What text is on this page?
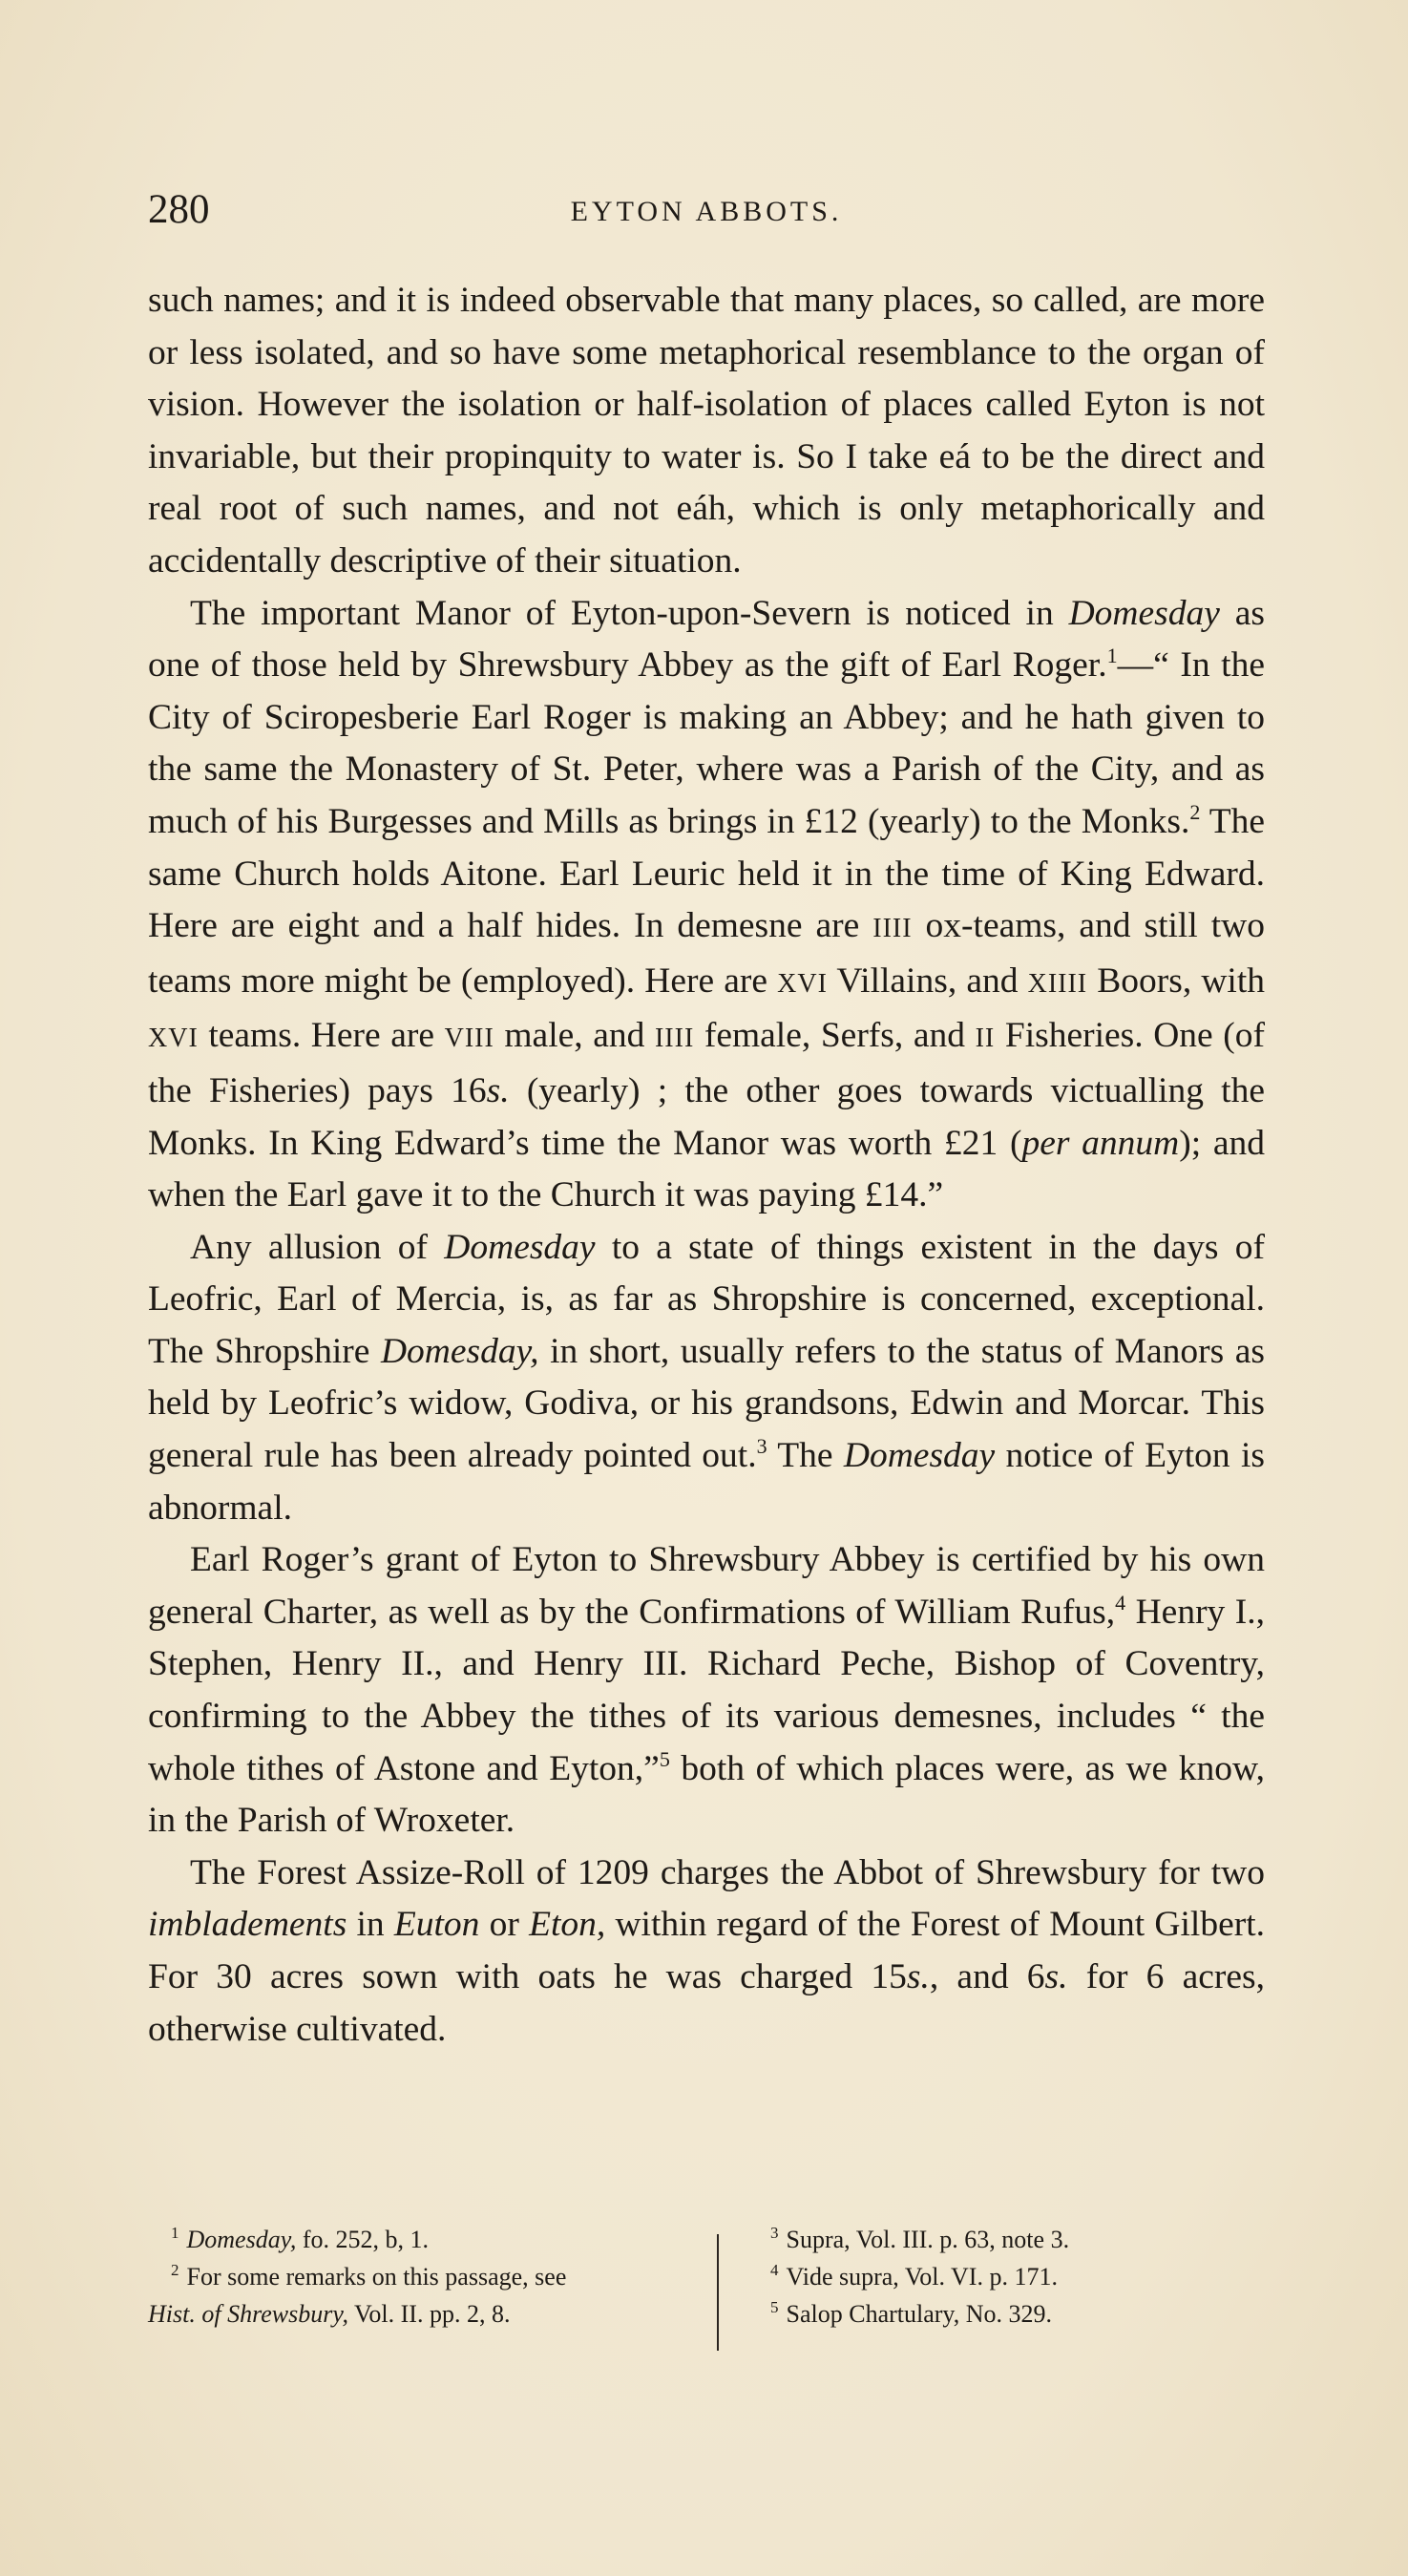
280	EYTON ABBOTS.

such names; and it is indeed observable that many places, so called, are more or less isolated, and so have some metaphorical resemblance to the organ of vision. However the isolation or half-isolation of places called Eyton is not invariable, but their propinquity to water is. So I take eá to be the direct and real root of such names, and not eáh, which is only metaphorically and accidentally descriptive of their situation.

The important Manor of Eyton-upon-Severn is noticed in Domesday as one of those held by Shrewsbury Abbey as the gift of Earl Roger.$^1$—“ In the City of Sciropesberie Earl Roger is making an Abbey; and he hath given to the same the Monastery of St. Peter, where was a Parish of the City, and as much of his Burgesses and Mills as brings in £12 (yearly) to the Monks.$^2$ The same Church holds Aitone. Earl Leuric held it in the time of King Edward. Here are eight and a half hides. In demesne are IIII ox-teams, and still two teams more might be (employed). Here are XVI Villains, and XIIII Boors, with XVI teams. Here are VIII male, and IIII female, Serfs, and II Fisheries. One (of the Fisheries) pays 16s. (yearly) ; the other goes towards victualling the Monks. In King Edward’s time the Manor was worth £21 (per annum); and when the Earl gave it to the Church it was paying £14.”

Any allusion of Domesday to a state of things existent in the days of Leofric, Earl of Mercia, is, as far as Shropshire is concerned, exceptional. The Shropshire Domesday, in short, usually refers to the status of Manors as held by Leofric’s widow, Godiva, or his grandsons, Edwin and Morcar. This general rule has been already pointed out.$^3$ The Domesday notice of Eyton is abnormal.

Earl Roger’s grant of Eyton to Shrewsbury Abbey is certified by his own general Charter, as well as by the Confirmations of William Rufus,$^4$ Henry I., Stephen, Henry II., and Henry III. Richard Peche, Bishop of Coventry, confirming to the Abbey the tithes of its various demesnes, includes “ the whole tithes of Astone and Eyton,”$^5$ both of which places were, as we know, in the Parish of Wroxeter.

The Forest Assize-Roll of 1209 charges the Abbot of Shrewsbury for two imbladements in Euton or Eton, within regard of the Forest of Mount Gilbert. For 30 acres sown with oats he was charged 15s., and 6s. for 6 acres, otherwise cultivated.

$^1$ Domesday, fo. 252, b, 1.
$^2$ For some remarks on this passage, see
Hist. of Shrewsbury, Vol. II. pp. 2, 8.
$^3$ Supra, Vol. III. p. 63, note 3.
$^4$ Vide supra, Vol. VI. p. 171.
$^5$ Salop Chartulary, No. 329.
